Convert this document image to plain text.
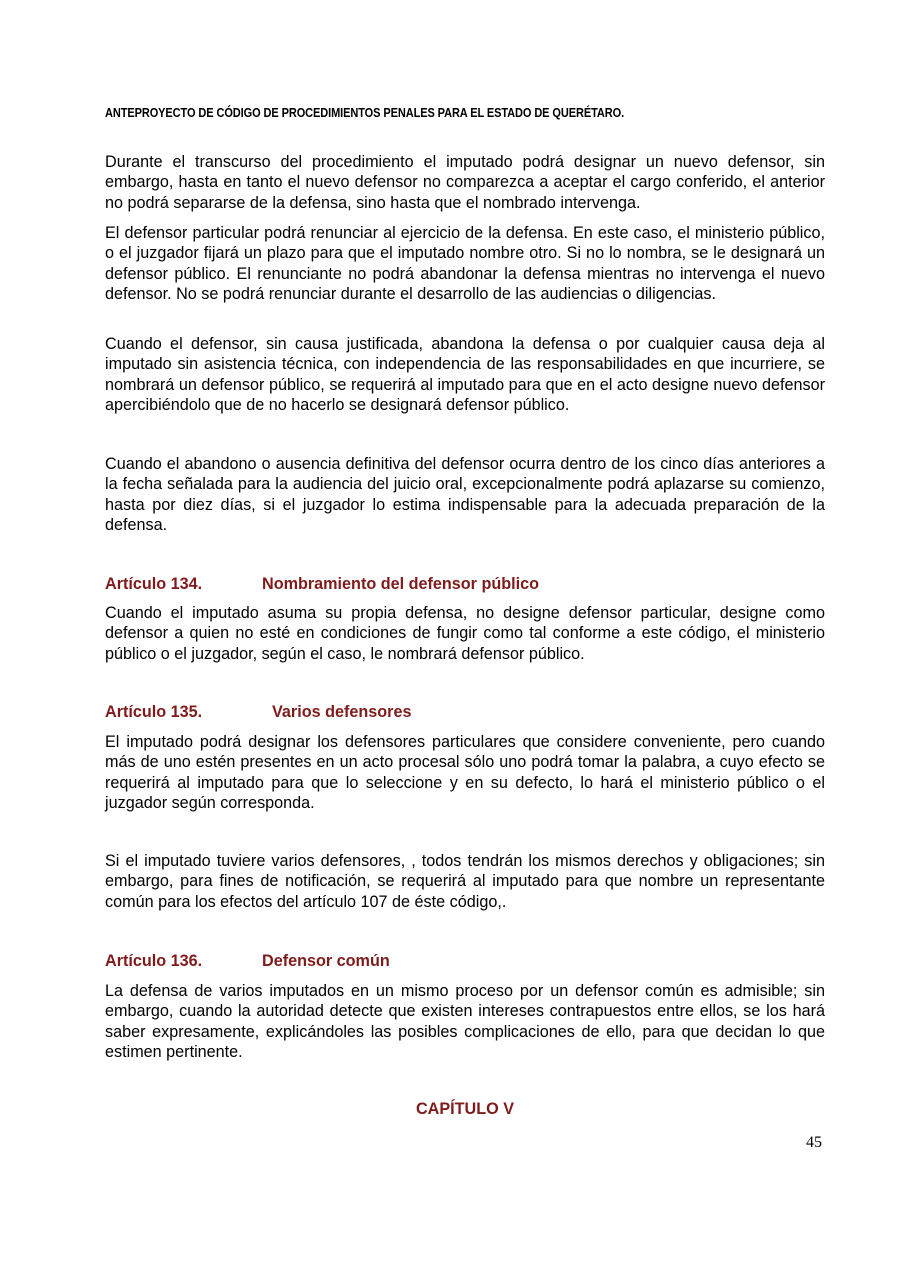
ANTEPROYECTO DE CÓDIGO DE PROCEDIMIENTOS PENALES PARA EL ESTADO DE QUERÉTARO.

Durante el transcurso del procedimiento el imputado podrá designar un nuevo defensor, sin embargo, hasta en tanto el nuevo defensor no comparezca a aceptar el cargo conferido, el anterior no podrá separarse de la defensa, sino hasta que el nombrado intervenga.

El defensor particular podrá renunciar al ejercicio de la defensa. En este caso, el ministerio público, o el juzgador fijará un plazo para que el imputado nombre otro. Si no lo nombra, se le designará un defensor público. El renunciante no podrá abandonar la defensa mientras no intervenga el nuevo defensor. No se podrá renunciar durante el desarrollo de las audiencias o diligencias.

Cuando el defensor, sin causa justificada, abandona la defensa o por cualquier causa deja al imputado sin asistencia técnica, con independencia de las responsabilidades en que incurriere, se nombrará un defensor público, se requerirá al imputado para que en el acto designe nuevo defensor apercibiéndolo que de no hacerlo se designará defensor público.

Cuando el abandono o ausencia definitiva del defensor ocurra dentro de los cinco días anteriores a la fecha señalada para la audiencia del juicio oral, excepcionalmente podrá aplazarse su comienzo, hasta por diez días, si el juzgador lo estima indispensable para la adecuada preparación de la defensa.

Artículo 134.	Nombramiento del defensor público

Cuando el imputado asuma su propia defensa, no designe defensor particular, designe como defensor a quien no esté en condiciones de fungir como tal conforme a este código, el ministerio público o el juzgador, según el caso, le nombrará defensor público.

Artículo 135.	Varios defensores

El imputado podrá designar los defensores particulares que considere conveniente, pero cuando más de uno estén presentes en un acto procesal sólo uno podrá tomar la palabra, a cuyo efecto se requerirá al imputado para que lo seleccione y en su defecto, lo hará el ministerio público o el juzgador según corresponda.

Si el imputado tuviere varios defensores, , todos tendrán los mismos derechos y obligaciones; sin embargo, para fines de notificación, se requerirá al imputado para que nombre un representante común para los efectos del artículo 107 de éste código,.

Artículo 136.	Defensor común

La defensa de varios imputados en un mismo proceso por un defensor común es admisible; sin embargo, cuando la autoridad detecte que existen intereses contrapuestos entre ellos, se los hará saber expresamente, explicándoles las posibles complicaciones de ello, para que decidan lo que estimen pertinente.

CAPÍTULO V
45
